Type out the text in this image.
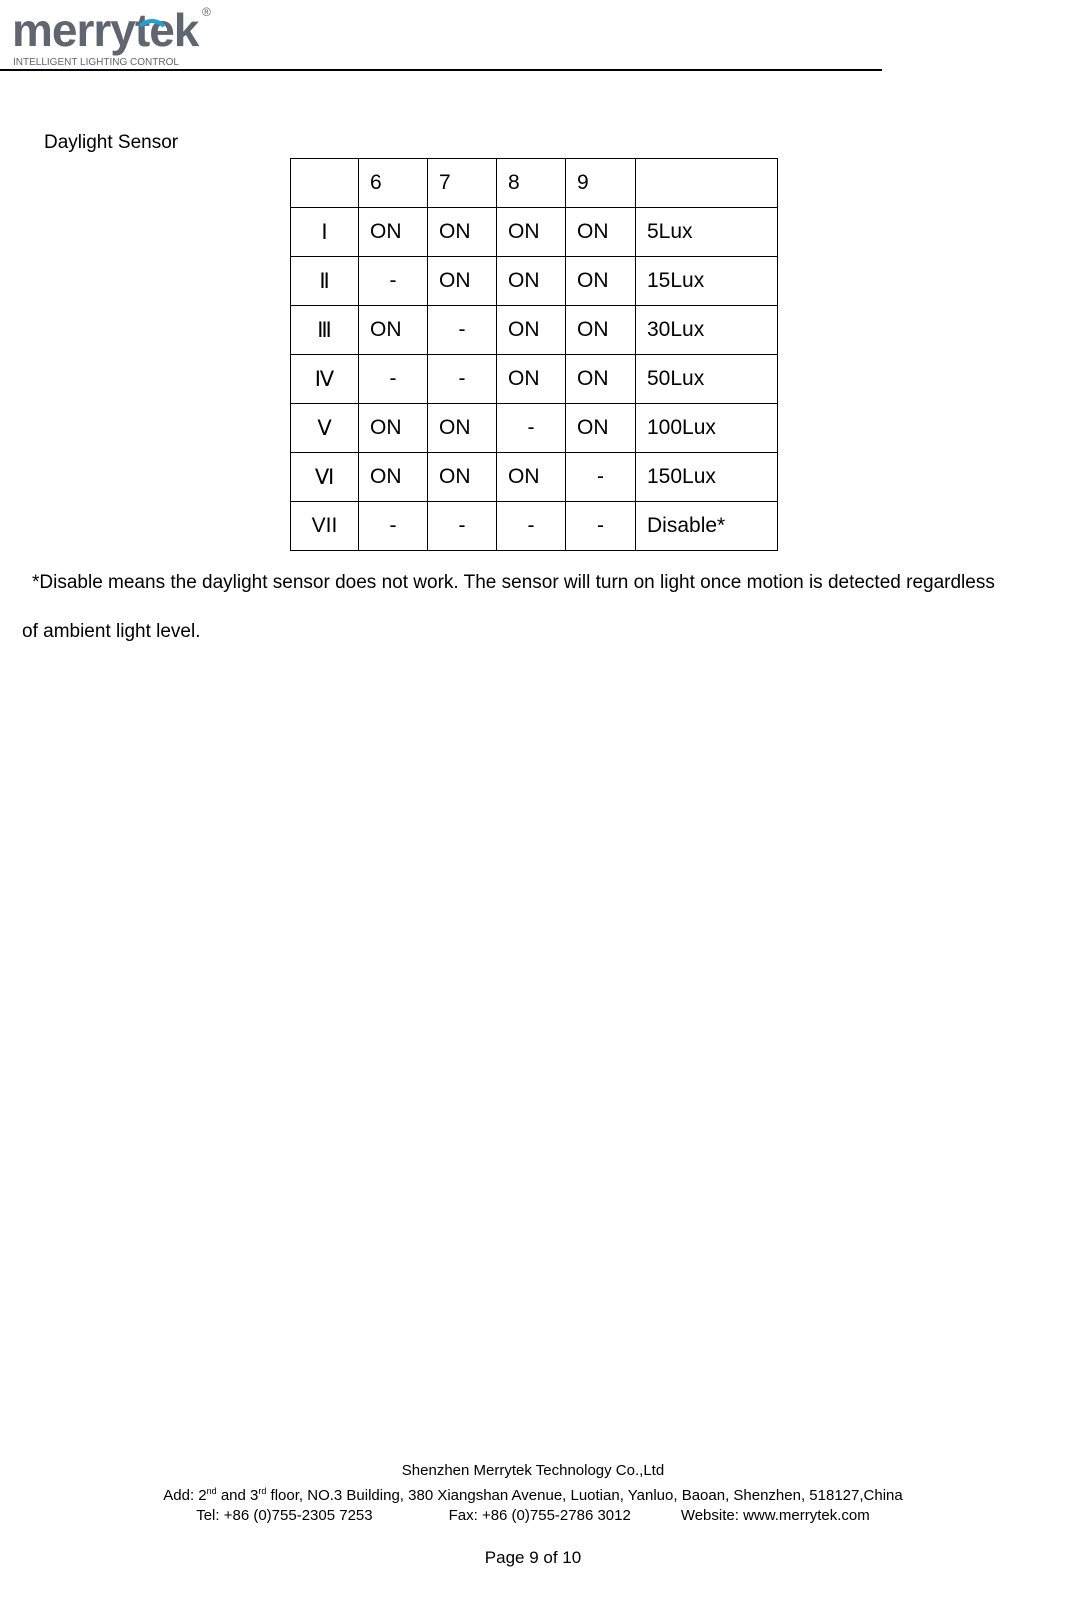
merrytek ®
INTELLIGENT LIGHTING CONTROL
Daylight Sensor
	6	7	8	9	
Ⅰ	ON	ON	ON	ON	5Lux
Ⅱ	-	ON	ON	ON	15Lux
Ⅲ	ON	-	ON	ON	30Lux
Ⅳ	-	-	ON	ON	50Lux
Ⅴ	ON	ON	-	ON	100Lux
Ⅵ	ON	ON	ON	-	150Lux
VII	-	-	-	-	Disable*
*Disable means the daylight sensor does not work. The sensor will turn on light once motion is detected regardless
of ambient light level.
Shenzhen Merrytek Technology Co.,Ltd
Add: 2nd and 3rd floor, NO.3 Building, 380 Xiangshan Avenue, Luotian, Yanluo, Baoan, Shenzhen, 518127,China
Tel: +86 (0)755-2305 7253	Fax: +86 (0)755-2786 3012	Website: www.merrytek.com
Page 9 of 10
